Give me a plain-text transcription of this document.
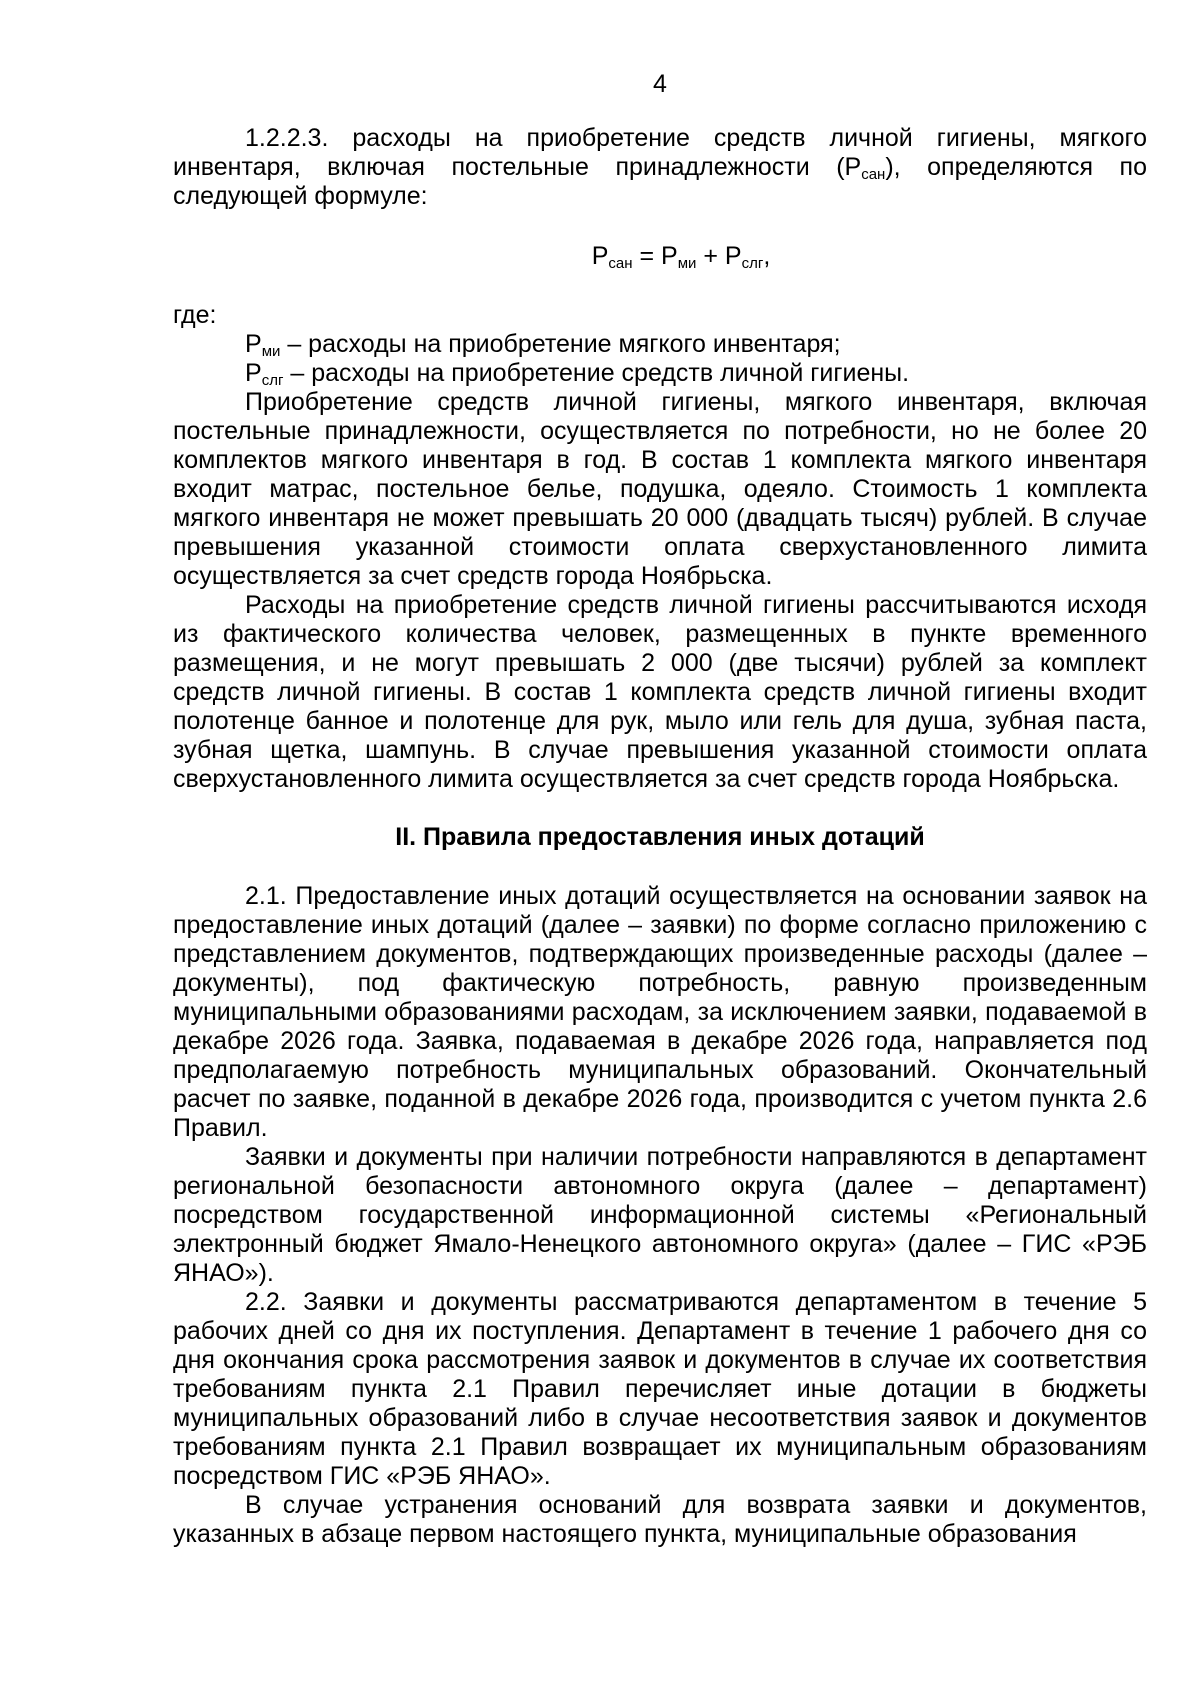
4

1.2.2.3. расходы на приобретение средств личной гигиены, мягкого инвентаря, включая постельные принадлежности $(Р_{сан})$, определяются по следующей формуле:

$Р_{сан} = Р_{ми} + Р_{слг}$,

где:

$Р_{ми}$ – расходы на приобретение мягкого инвентаря;

$Р_{слг}$ – расходы на приобретение средств личной гигиены.

Приобретение средств личной гигиены, мягкого инвентаря, включая постельные принадлежности, осуществляется по потребности, но не более 20 комплектов мягкого инвентаря в год. В состав 1 комплекта мягкого инвентаря входит матрас, постельное белье, подушка, одеяло. Стоимость 1 комплекта мягкого инвентаря не может превышать 20 000 (двадцать тысяч) рублей. В случае превышения указанной стоимости оплата сверхустановленного лимита осуществляется за счет средств города Ноябрьска.

Расходы на приобретение средств личной гигиены рассчитываются исходя из фактического количества человек, размещенных в пункте временного размещения, и не могут превышать 2 000 (две тысячи) рублей за комплект средств личной гигиены. В состав 1 комплекта средств личной гигиены входит полотенце банное и полотенце для рук, мыло или гель для душа, зубная паста, зубная щетка, шампунь. В случае превышения указанной стоимости оплата сверхустановленного лимита осуществляется за счет средств города Ноябрьска.

II. Правила предоставления иных дотаций

2.1. Предоставление иных дотаций осуществляется на основании заявок на предоставление иных дотаций (далее – заявки) по форме согласно приложению с представлением документов, подтверждающих произведенные расходы (далее – документы), под фактическую потребность, равную произведенным муниципальными образованиями расходам, за исключением заявки, подаваемой в декабре 2026 года. Заявка, подаваемая в декабре 2026 года, направляется под предполагаемую потребность муниципальных образований. Окончательный расчет по заявке, поданной в декабре 2026 года, производится с учетом пункта 2.6 Правил.

Заявки и документы при наличии потребности направляются в департамент региональной безопасности автономного округа (далее – департамент) посредством государственной информационной системы «Региональный электронный бюджет Ямало-Ненецкого автономного округа» (далее – ГИС «РЭБ ЯНАО»).

2.2. Заявки и документы рассматриваются департаментом в течение 5 рабочих дней со дня их поступления. Департамент в течение 1 рабочего дня со дня окончания срока рассмотрения заявок и документов в случае их соответствия требованиям пункта 2.1 Правил перечисляет иные дотации в бюджеты муниципальных образований либо в случае несоответствия заявок и документов требованиям пункта 2.1 Правил возвращает их муниципальным образованиям посредством ГИС «РЭБ ЯНАО».

В случае устранения оснований для возврата заявки и документов, указанных в абзаце первом настоящего пункта, муниципальные образования
